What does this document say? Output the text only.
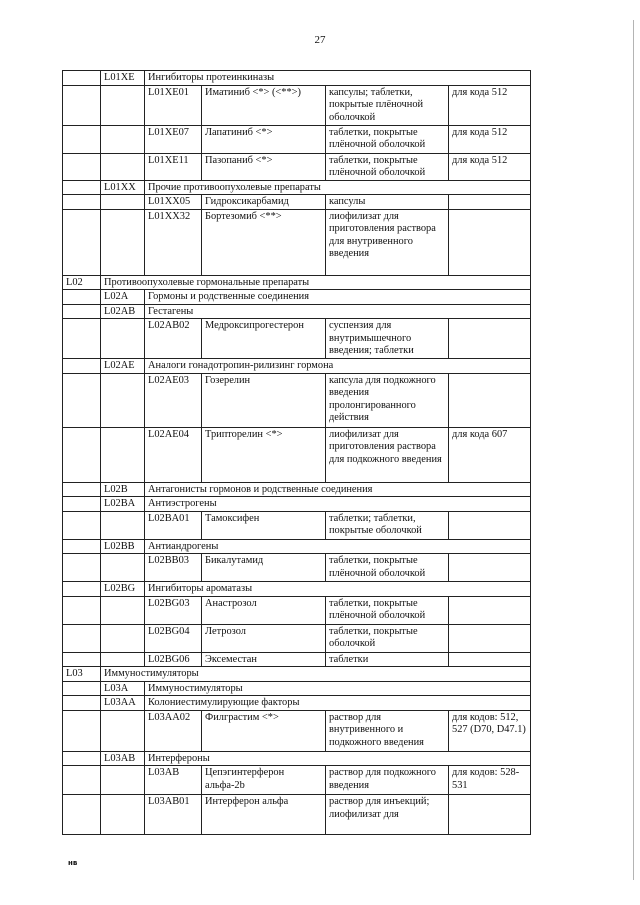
27
	L01XE	Ингибиторы протеинкиназы			
		L01XE01	Иматиниб <*> (<**>)	капсулы; таблетки, покрытые плёночной оболочкой	для кода 512
		L01XE07	Лапатиниб <*>	таблетки, покрытые плёночной оболочкой	для кода 512
		L01XE11	Пазопаниб <*>	таблетки, покрытые плёночной оболочкой	для кода 512
	L01XX	Прочие противоопухолевые препараты			
		L01XX05	Гидроксикарбамид	капсулы	
		L01XX32	Бортезомиб <**>	лиофилизат для приготовления раствора для внутривенного введения	
L02	Противоопухолевые гормональные препараты				
	L02A	Гормоны и родственные соединения			
	L02AB	Гестагены			
		L02AB02	Медроксипрогестерон	суспензия для внутримышечного введения; таблетки	
	L02AE	Аналоги гонадотропин-рилизинг гормона			
		L02AE03	Гозерелин	капсула для подкожного введения пролонгированного действия	
		L02AE04	Трипторелин <*>	лиофилизат для приготовления раствора для подкожного введения	для кода 607
	L02B	Антагонисты гормонов и родственные соединения			
	L02BA	Антиэстрогены			
		L02BA01	Тамоксифен	таблетки; таблетки, покрытые оболочкой	
	L02BB	Антиандрогены			
		L02BB03	Бикалутамид	таблетки, покрытые плёночной оболочкой	
	L02BG	Ингибиторы ароматазы			
		L02BG03	Анастрозол	таблетки, покрытые плёночной оболочкой	
		L02BG04	Летрозол	таблетки, покрытые оболочкой	
		L02BG06	Эксеместан	таблетки	
L03	Иммуностимуляторы				
	L03A	Иммуностимуляторы			
	L03AA	Колониестимулирующие факторы			
		L03AA02	Филграстим <*>	раствор для внутривенного и подкожного введения	для кодов: 512, 527 (D70, D47.1)
	L03AB	Интерфероны			
		L03AB	Цепэгинтерферон альфа-2b	раствор для подкожного введения	для кодов: 528-531
		L03AB01	Интерферон альфа	раствор для инъекций; лиофилизат для	
нв
